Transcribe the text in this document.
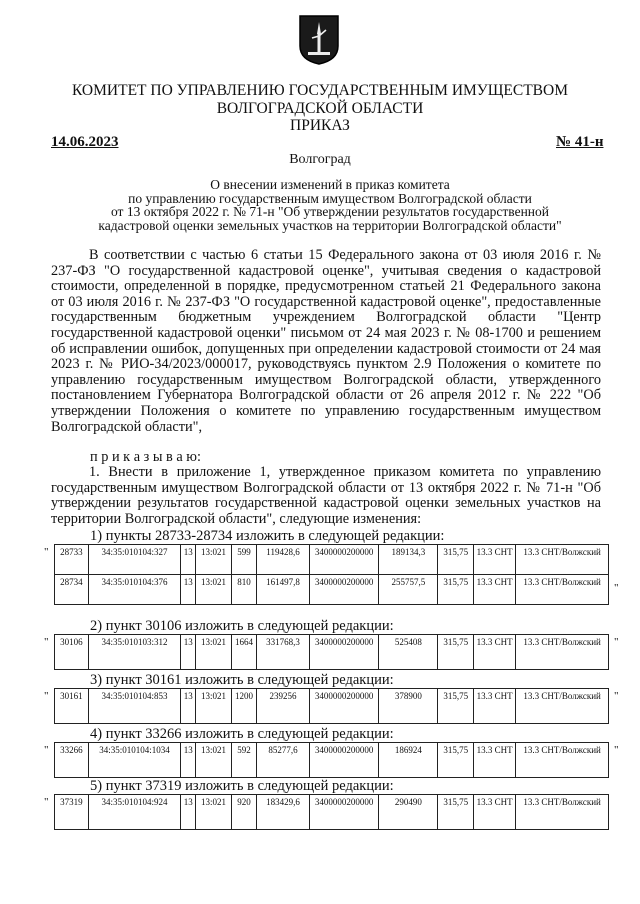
КОМИТЕТ ПО УПРАВЛЕНИЮ ГОСУДАРСТВЕННЫМ ИМУЩЕСТВОМ
ВОЛГОГРАДСКОЙ ОБЛАСТИ
ПРИКАЗ
14.06.2023	№ 41-н
Волгоград
О внесении изменений в приказ комитета
по управлению государственным имуществом Волгоградской области
от 13 октября 2022 г. № 71-н "Об утверждении результатов государственной
кадастровой оценки земельных участков на территории Волгоградской области"
В соответствии с частью 6 статьи 15 Федерального закона от 03 июля 2016 г. № 237-ФЗ "О государственной кадастровой оценке", учитывая сведения о кадастровой стоимости, определенной в порядке, предусмотренном статьей 21 Федерального закона от 03 июля 2016 г. № 237-ФЗ "О государственной кадастровой оценке", предоставленные государственным бюджетным учреждением Волгоградской области "Центр государственной кадастровой оценки" письмом от 24 мая 2023 г. № 08-1700 и решением об исправлении ошибок, допущенных при определении кадастровой стоимости от 24 мая 2023 г. № РИО-34/2023/000017, руководствуясь пунктом 2.9 Положения о комитете по управлению государственным имуществом Волгоградской области, утвержденного постановлением Губернатора Волгоградской области от 26 апреля 2012 г. № 222 "Об утверждении Положения о комитете по управлению государственным имуществом Волгоградской области",
п р и к а з ы в а ю:
1. Внести в приложение 1, утвержденное приказом комитета по управлению государственным имуществом Волгоградской области от 13 октября 2022 г. № 71-н "Об утверждении результатов государственной кадастровой оценки земельных участков на территории Волгоградской области", следующие изменения:
1) пункты 28733-28734 изложить в следующей редакции:
28733	34:35:010104:327	13	13:021	599	119428,6	3400000200000	189134,3	315,75	13.3 СНТ	13.3 СНТ/Волжский
28734	34:35:010104:376	13	13:021	810	161497,8	3400000200000	255757,5	315,75	13.3 СНТ	13.3 СНТ/Волжский
"
"
2) пункт 30106 изложить в следующей редакции:
30106	34:35:010103:312	13	13:021	1664	331768,3	3400000200000	525408	315,75	13.3 СНТ	13.3 СНТ/Волжский
"	"
3) пункт 30161 изложить в следующей редакции:
30161	34:35:010104:853	13	13:021	1200	239256	3400000200000	378900	315,75	13.3 СНТ	13.3 СНТ/Волжский
"	"
4) пункт 33266 изложить в следующей редакции:
33266	34:35:010104:1034	13	13:021	592	85277,6	3400000200000	186924	315,75	13.3 СНТ	13.3 СНТ/Волжский
"	"
5) пункт 37319 изложить в следующей редакции:
37319	34:35:010104:924	13	13:021	920	183429,6	3400000200000	290490	315,75	13.3 СНТ	13.3 СНТ/Волжский
"
